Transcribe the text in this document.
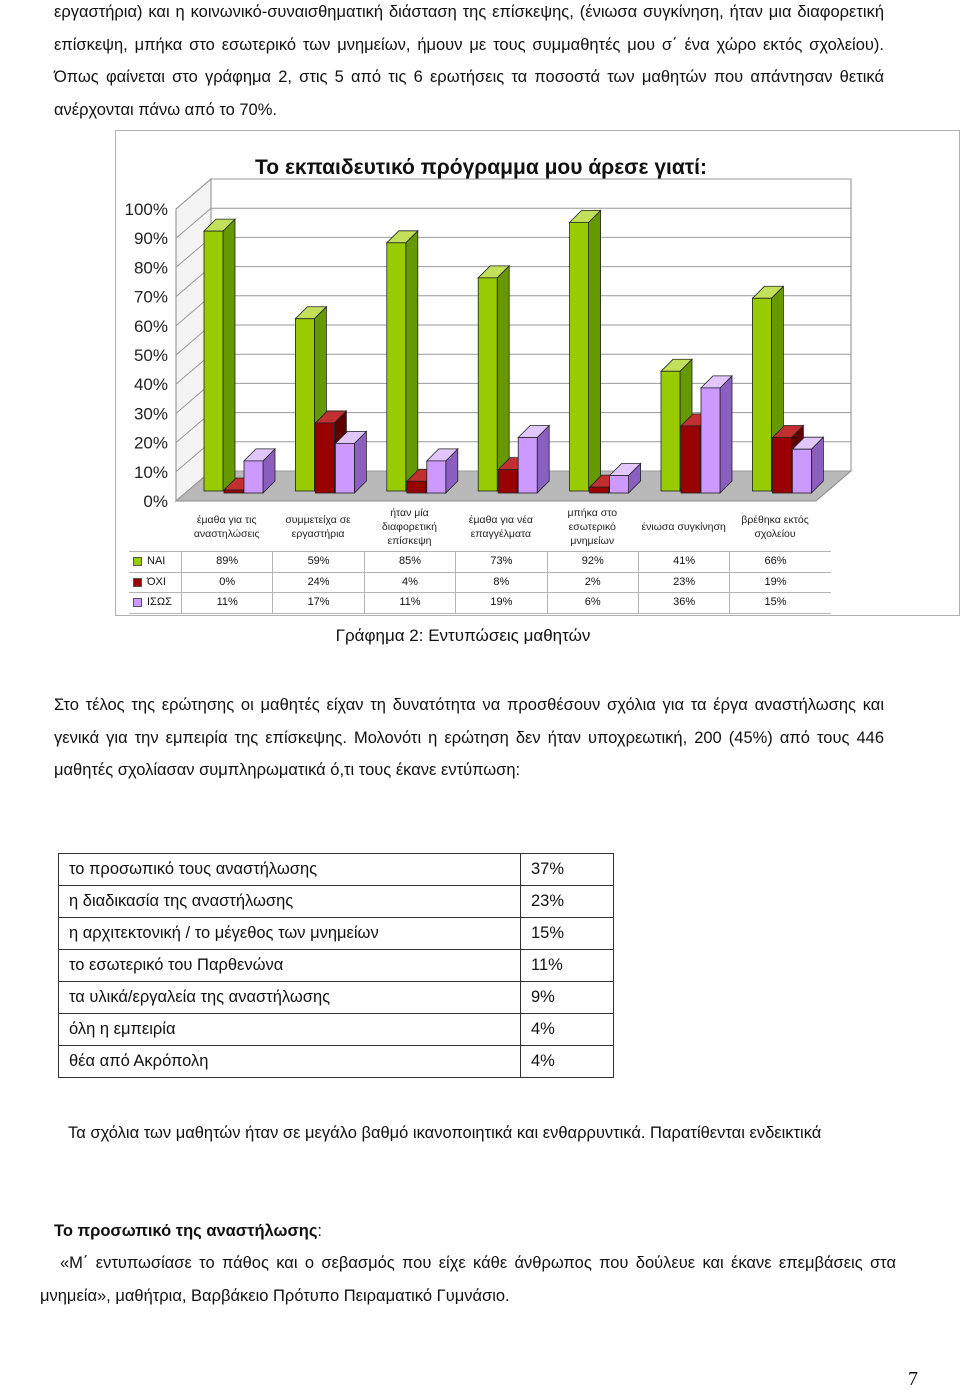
εργαστήρια) και η κοινωνικό-συναισθηματική διάσταση της επίσκεψης, (ένιωσα συγκίνηση, ήταν μια διαφορετική επίσκεψη, μπήκα στο εσωτερικό των μνημείων, ήμουν με τους συμμαθητές μου σ΄ ένα χώρο εκτός σχολείου). Όπως φαίνεται στο γράφημα 2, στις 5 από τις 6 ερωτήσεις τα ποσοστά των μαθητών που απάντησαν θετικά ανέρχονται πάνω από το 70%.

0%
10%
20%
30%
40%
50%
60%
70%
80%
90%
100%
Το εκπαιδευτικό πρόγραμμα μου άρεσε γιατί:
έμαθα για τις αναστηλώσεις
συμμετείχα σε εργαστήρια
ήταν μία διαφορετική επίσκεψη
έμαθα για νέα επαγγέλματα
μπήκα στο εσωτερικό μνημείων
ένιωσα συγκίνηση
βρέθηκα εκτός σχολείου
NAI	89%	59%	85%	73%	92%	41%	66%
ΌΧΙ	0%	24%	4%	8%	2%	23%	19%
ΙΣΩΣ	11%	17%	11%	19%	6%	36%	15%
Γράφημα 2: Εντυπώσεις μαθητών

Στο τέλος της ερώτησης οι μαθητές είχαν τη δυνατότητα να προσθέσουν σχόλια για τα έργα αναστήλωσης και γενικά για την εμπειρία της επίσκεψης. Μολονότι η ερώτηση δεν ήταν υποχρεωτική, 200 (45%) από τους 446 μαθητές σχολίασαν συμπληρωματικά ό,τι τους έκανε εντύπωση:

το προσωπικό τους αναστήλωσης	37%
η διαδικασία της αναστήλωσης	23%
η αρχιτεκτονική / το μέγεθος των μνημείων	15%
το εσωτερικό του Παρθενώνα	11%
τα υλικά/εργαλεία της αναστήλωσης	9%
όλη η εμπειρία	4%
θέα από Ακρόπολη	4%

Τα σχόλια των μαθητών ήταν σε μεγάλο βαθμό ικανοποιητικά και ενθαρρυντικά. Παρατίθενται ενδεικτικά

Το προσωπικό της αναστήλωσης:

«Μ΄ εντυπωσίασε το πάθος και ο σεβασμός που είχε κάθε άνθρωπος που δούλευε και έκανε επεμβάσεις στα μνημεία», μαθήτρια, Βαρβάκειο Πρότυπο Πειραματικό Γυμνάσιο.

7
